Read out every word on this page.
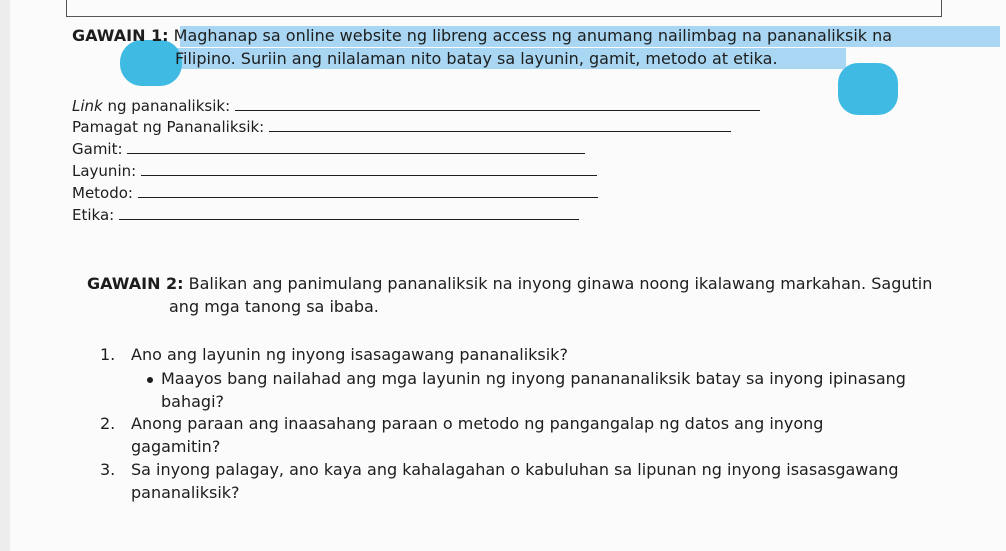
GAWAIN 1: Maghanap sa online website ng libreng access ng anumang nailimbag na pananaliksik na
Filipino. Suriin ang nilalaman nito batay sa layunin, gamit, metodo at etika.
Link ng pananaliksik:
Pamagat ng Pananaliksik:
Gamit:
Layunin:
Metodo:
Etika:
GAWAIN 2: Balikan ang panimulang pananaliksik na inyong ginawa noong ikalawang markahan. Sagutin
ang mga tanong sa ibaba.
1. Ano ang layunin ng inyong isasagawang pananaliksik?
Maayos bang nailahad ang mga layunin ng inyong panananaliksik batay sa inyong ipinasang
bahagi?
2. Anong paraan ang inaasahang paraan o metodo ng pangangalap ng datos ang inyong
gagamitin?
3. Sa inyong palagay, ano kaya ang kahalagahan o kabuluhan sa lipunan ng inyong isasasgawang
pananaliksik?
